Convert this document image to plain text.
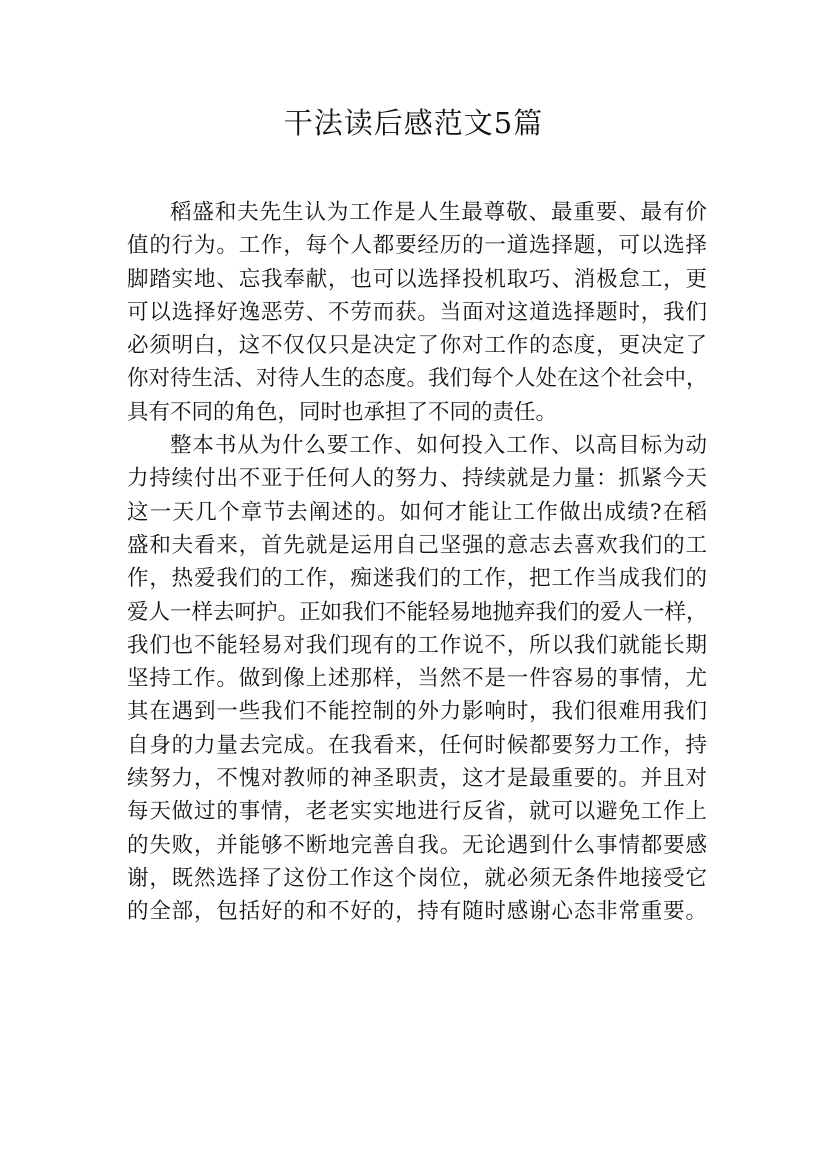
干法读后感范文5篇
稻盛和夫先生认为工作是人生最尊敬、最重要、最有价
值的行为。工作，每个人都要经历的一道选择题，可以选择
脚踏实地、忘我奉献，也可以选择投机取巧、消极怠工，更
可以选择好逸恶劳、不劳而获。当面对这道选择题时，我们
必须明白，这不仅仅只是决定了你对工作的态度，更决定了
你对待生活、对待人生的态度。我们每个人处在这个社会中，
具有不同的角色，同时也承担了不同的责任。
整本书从为什么要工作、如何投入工作、以高目标为动
力持续付出不亚于任何人的努力、持续就是力量：抓紧今天
这一天几个章节去阐述的。如何才能让工作做出成绩?在稻
盛和夫看来，首先就是运用自己坚强的意志去喜欢我们的工
作，热爱我们的工作，痴迷我们的工作，把工作当成我们的
爱人一样去呵护。正如我们不能轻易地抛弃我们的爱人一样，
我们也不能轻易对我们现有的工作说不，所以我们就能长期
坚持工作。做到像上述那样，当然不是一件容易的事情，尤
其在遇到一些我们不能控制的外力影响时，我们很难用我们
自身的力量去完成。在我看来，任何时候都要努力工作，持
续努力，不愧对教师的神圣职责，这才是最重要的。并且对
每天做过的事情，老老实实地进行反省，就可以避免工作上
的失败，并能够不断地完善自我。无论遇到什么事情都要感
谢，既然选择了这份工作这个岗位，就必须无条件地接受它
的全部，包括好的和不好的，持有随时感谢心态非常重要。
